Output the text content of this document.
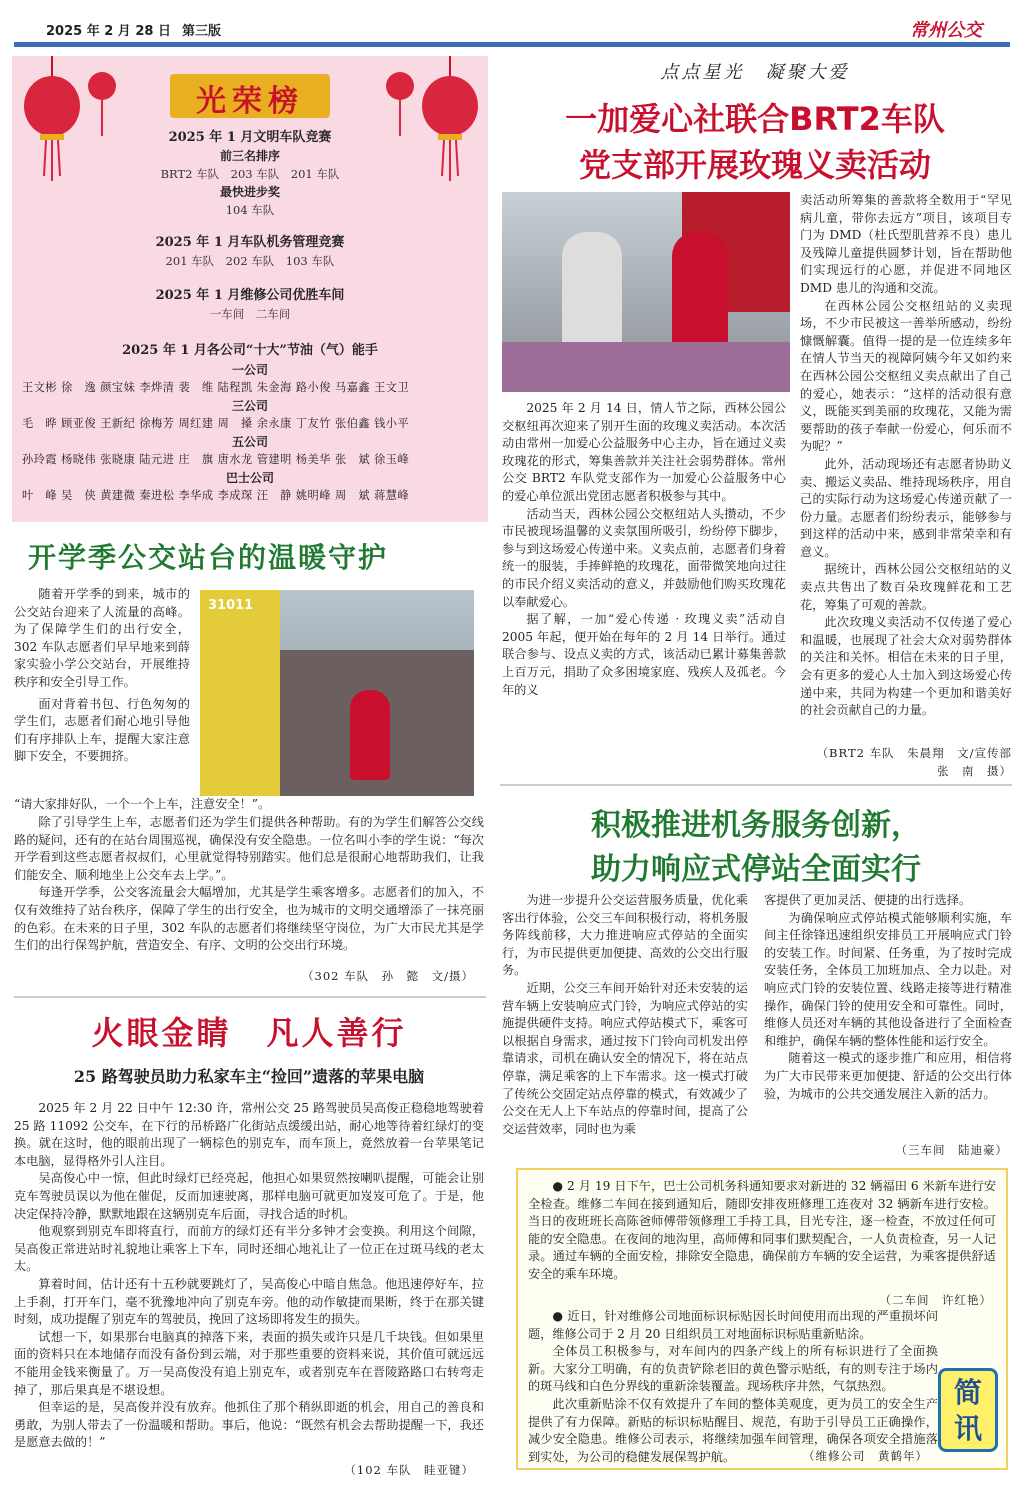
2025 年 2 月 28 日 第三版	常州公交
光荣榜
2025 年 1 月文明车队竞赛
前三名排序
BRT2 车队　203 车队　201 车队
最快进步奖
104 车队
2025 年 1 月车队机务管理竞赛
201 车队　202 车队　103 车队
2025 年 1 月维修公司优胜车间
一车间　二车间
2025 年 1 月各公司“十大”节油（气）能手
一公司
王文彬 徐　逸 颜宝妹 李烨清 裴　维 陆程凯 朱金海 路小俊 马嘉鑫 王文卫
三公司
毛　晔 顾亚俊 王新纪 徐梅芳 周红建 周　搡 余永康 丁友竹 张伯鑫 钱小平
五公司
孙玲霞 杨晓伟 张晓康 陆元进 庄　旗 唐水龙 管建明 杨美华 张　斌 徐玉峰
巴士公司
叶　峰 吴　侠 黄建微 秦进松 李华成 李成琛 汪　静 姚明峰 周　斌 蒋慧峰
开学季公交站台的温暖守护
31011

随着开学季的到来，城市的公交站台迎来了人流量的高峰。为了保障学生们的出行安全，302 车队志愿者们早早地来到薛家实验小学公交站台，开展维持秩序和安全引导工作。

面对背着书包、行色匆匆的学生们，志愿者们耐心地引导他们有序排队上车，提醒大家注意脚下安全，不要拥挤。

“请大家排好队，一个一个上车，注意安全！”。

除了引导学生上车，志愿者们还为学生们提供各种帮助。有的为学生们解答公交线路的疑问，还有的在站台周围巡视，确保没有安全隐患。一位名叫小李的学生说：“每次开学看到这些志愿者叔叔们，心里就觉得特别踏实。他们总是很耐心地帮助我们，让我们能安全、顺利地坐上公交车去上学。”。

每逢开学季，公交客流量会大幅增加，尤其是学生乘客增多。志愿者们的加入，不仅有效维持了站台秩序，保障了学生的出行安全，也为城市的文明交通增添了一抹亮丽的色彩。在未来的日子里，302 车队的志愿者们将继续坚守岗位，为广大市民尤其是学生们的出行保驾护航，营造安全、有序、文明的公交出行环境。

（302 车队　孙　懿　文/摄）
火眼金睛　凡人善行
25 路驾驶员助力私家车主“捡回”遗落的苹果电脑

2025 年 2 月 22 日中午 12:30 许，常州公交 25 路驾驶员吴高俊正稳稳地驾驶着 25 路 11092 公交车，在下行的吊桥路广化街站点缓缓出站，耐心地等待着红绿灯的变换。就在这时，他的眼前出现了一辆棕色的别克车，而车顶上，竟然放着一台苹果笔记本电脑，显得格外引人注目。

吴高俊心中一惊，但此时绿灯已经亮起，他担心如果贸然按喇叭提醒，可能会让别克车驾驶员误以为他在催促，反而加速驶离，那样电脑可就更加岌岌可危了。于是，他决定保持冷静，默默地跟在这辆别克车后面，寻找合适的时机。

他观察到别克车即将直行，而前方的绿灯还有半分多钟才会变换。利用这个间隙，吴高俊正常进站时礼貌地让乘客上下车，同时还细心地礼让了一位正在过斑马线的老太太。

算着时间，估计还有十五秒就要跳灯了，吴高俊心中暗自焦急。他迅速停好车，拉上手刹，打开车门，毫不犹豫地冲向了别克车旁。他的动作敏捷而果断，终于在那关键时刻，成功提醒了别克车的驾驶员，挽回了这场即将发生的损失。

试想一下，如果那台电脑真的掉落下来，表面的损失或许只是几千块钱。但如果里面的资料只在本地储存而没有备份到云端，对于那些重要的资料来说，其价值可就远远不能用金钱来衡量了。万一吴高俊没有追上别克车，或者别克车在晋陵路路口右转弯走掉了，那后果真是不堪设想。

但幸运的是，吴高俊并没有放弃。他抓住了那个稍纵即逝的机会，用自己的善良和勇敢，为别人带去了一份温暖和帮助。事后，他说：“既然有机会去帮助提醒一下，我还是愿意去做的！”

（102 车队　眭亚键）
点点星光　凝聚大爱
一加爱心社联合BRT2车队
党支部开展玫瑰义卖活动

2025 年 2 月 14 日，情人节之际，西林公园公交枢纽再次迎来了别开生面的玫瑰义卖活动。本次活动由常州一加爱心公益服务中心主办，旨在通过义卖玫瑰花的形式，筹集善款并关注社会弱势群体。常州公交 BRT2 车队党支部作为一加爱心公益服务中心的爱心单位派出党团志愿者积极参与其中。

活动当天，西林公园公交枢纽站人头攒动，不少市民被现场温馨的义卖氛围所吸引，纷纷停下脚步，参与到这场爱心传递中来。义卖点前，志愿者们身着统一的服装，手捧鲜艳的玫瑰花，面带微笑地向过往的市民介绍义卖活动的意义，并鼓励他们购买玫瑰花以奉献爱心。

据了解，一加“爱心传递 · 玫瑰义卖”活动自 2005 年起，便开始在每年的 2 月 14 日举行。通过联合参与、设点义卖的方式，该活动已累计募集善款上百万元，捐助了众多困境家庭、残疾人及孤老。今年的义

卖活动所筹集的善款将全数用于“罕见病儿童，带你去远方”项目，该项目专门为 DMD（杜氏型肌营养不良）患儿及残障儿童提供圆梦计划，旨在帮助他们实现远行的心愿，并促进不同地区 DMD 患儿的沟通和交流。

在西林公园公交枢纽站的义卖现场，不少市民被这一善举所感动，纷纷慷慨解囊。值得一提的是一位连续多年在情人节当天的视障阿姨今年又如约来在西林公园公交枢纽义卖点献出了自己的爱心，她表示：“这样的活动很有意义，既能买到美丽的玫瑰花，又能为需要帮助的孩子奉献一份爱心，何乐而不为呢？”

此外，活动现场还有志愿者协助义卖、搬运义卖品、维持现场秩序，用自己的实际行动为这场爱心传递贡献了一份力量。志愿者们纷纷表示，能够参与到这样的活动中来，感到非常荣幸和有意义。

据统计，西林公园公交枢纽站的义卖点共售出了数百朵玫瑰鲜花和工艺花，筹集了可观的善款。

此次玫瑰义卖活动不仅传递了爱心和温暖，也展现了社会大众对弱势群体的关注和关怀。相信在未来的日子里，会有更多的爱心人士加入到这场爱心传递中来，共同为构建一个更加和谐美好的社会贡献自己的力量。

（BRT2 车队　朱晨翔　文/宣传部　张　南　摄）
积极推进机务服务创新，
助力响应式停站全面实行

为进一步提升公交运营服务质量，优化乘客出行体验，公交三车间积极行动，将机务服务阵线前移，大力推进响应式停站的全面实行，为市民提供更加便捷、高效的公交出行服务。

近期，公交三车间开始针对还未安装的运营车辆上安装响应式门铃，为响应式停站的实施提供硬件支持。响应式停站模式下，乘客可以根据自身需求，通过按下门铃向司机发出停靠请求，司机在确认安全的情况下，将在站点停靠，满足乘客的上下车需求。这一模式打破了传统公交固定站点停靠的模式，有效减少了公交在无人上下车站点的停靠时间，提高了公交运营效率，同时也为乘

客提供了更加灵活、便捷的出行选择。

为确保响应式停站模式能够顺利实施，车间主任徐锋迅速组织安排员工开展响应式门铃的安装工作。时间紧、任务重，为了按时完成安装任务，全体员工加班加点、全力以赴。对响应式门铃的安装位置、线路走接等进行精准操作，确保门铃的使用安全和可靠性。同时，维修人员还对车辆的其他设备进行了全面检查和维护，确保车辆的整体性能和运行安全。

随着这一模式的逐步推广和应用，相信将为广大市民带来更加便捷、舒适的公交出行体验，为城市的公共交通发展注入新的活力。

（三车间　陆迪豪）

● 2 月 19 日下午，巴士公司机务科通知要求对新进的 32 辆福田 6 米新车进行安全检查。维修二车间在接到通知后，随即安排夜班修理工连夜对 32 辆新车进行安检。当日的夜班班长高陈爸师傅带领修理工手持工具，目光专注，逐一检查，不放过任何可能的安全隐患。在夜间的地沟里，高师傅和同事们默契配合，一人负责检查，另一人记录。通过车辆的全面安检，排除安全隐患，确保前方车辆的安全运营，为乘客提供舒适安全的乘车环境。

（二车间　许红艳）

● 近日，针对维修公司地面标识标贴因长时间使用而出现的严重损坏问题，维修公司于 2 月 20 日组织员工对地面标识标贴重新贴涂。

全体员工积极参与，对车间内的四条产线上的所有标识进行了全面换新。大家分工明确，有的负责铲除老旧的黄色警示贴纸，有的则专注于场内的斑马线和白色分界线的重新涂装覆盖。现场秩序井然，气氛热烈。

此次重新贴涂不仅有效提升了车间的整体美观度，更为员工的安全生产提供了有力保障。新贴的标识标贴醒目、规范，有助于引导员工正确操作，减少安全隐患。维修公司表示，将继续加强车间管理，确保各项安全措施落到实处，为公司的稳健发展保驾护航。	（维修公司　黄鹤年）
简讯
